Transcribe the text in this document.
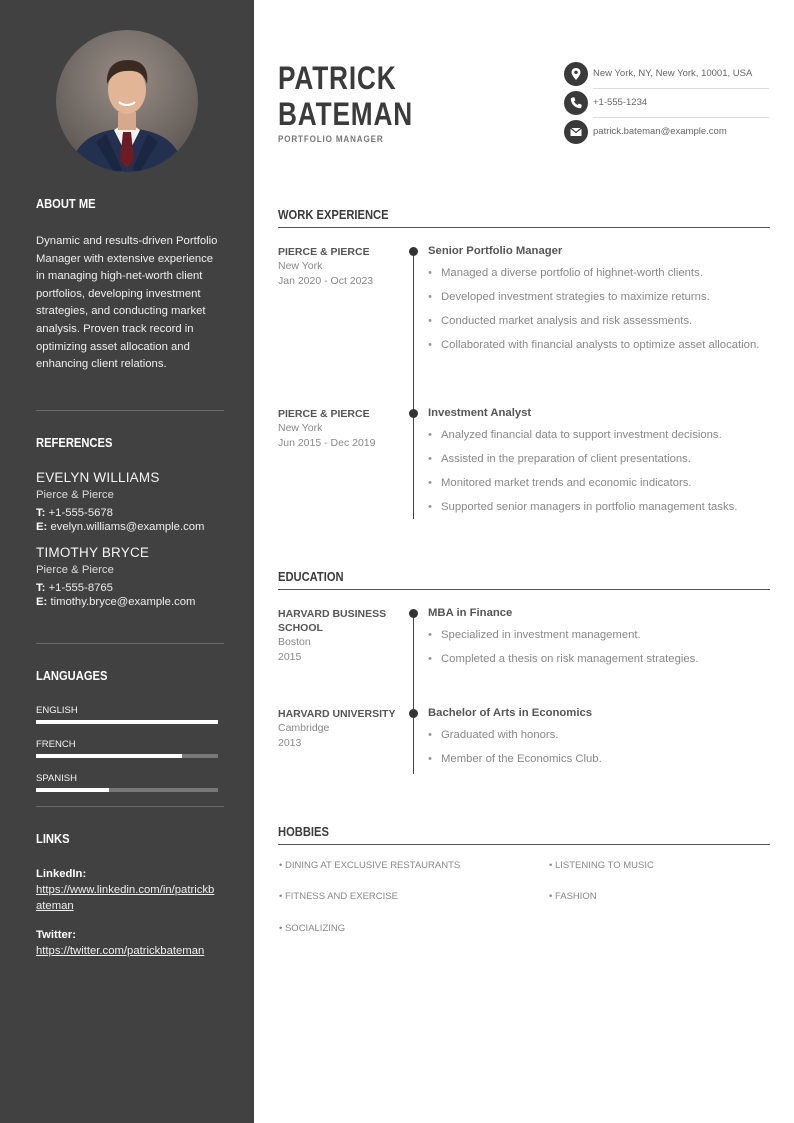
ABOUT ME
Dynamic and results-driven Portfolio Manager with extensive experience in managing high-net-worth client portfolios, developing investment strategies, and conducting market analysis. Proven track record in optimizing asset allocation and enhancing client relations.
REFERENCES
EVELYN WILLIAMS
Pierce & Pierce
T: +1-555-5678
E: evelyn.williams@example.com
TIMOTHY BRYCE
Pierce & Pierce
T: +1-555-8765
E: timothy.bryce@example.com
LANGUAGES
ENGLISH
FRENCH
SPANISH
LINKS
LinkedIn:
https://www.linkedin.com/in/patrickbateman
Twitter:
https://twitter.com/patrickbateman
PATRICK
BATEMAN
PORTFOLIO MANAGER
New York, NY, New York, 10001, USA
+1-555-1234
patrick.bateman@example.com
WORK EXPERIENCE
PIERCE & PIERCE
New York
Jan 2020 - Oct 2023
Senior Portfolio Manager
• Managed a diverse portfolio of highnet-worth clients.
• Developed investment strategies to maximize returns.
• Conducted market analysis and risk assessments.
• Collaborated with financial analysts to optimize asset allocation.
PIERCE & PIERCE
New York
Jun 2015 - Dec 2019
Investment Analyst
• Analyzed financial data to support investment decisions.
• Assisted in the preparation of client presentations.
• Monitored market trends and economic indicators.
• Supported senior managers in portfolio management tasks.
EDUCATION
HARVARD BUSINESS SCHOOL
Boston
2015
MBA in Finance
• Specialized in investment management.
• Completed a thesis on risk management strategies.
HARVARD UNIVERSITY
Cambridge
2013
Bachelor of Arts in Economics
• Graduated with honors.
• Member of the Economics Club.
HOBBIES
• DINING AT EXCLUSIVE RESTAURANTS	• LISTENING TO MUSIC
• FITNESS AND EXERCISE	• FASHION
• SOCIALIZING
